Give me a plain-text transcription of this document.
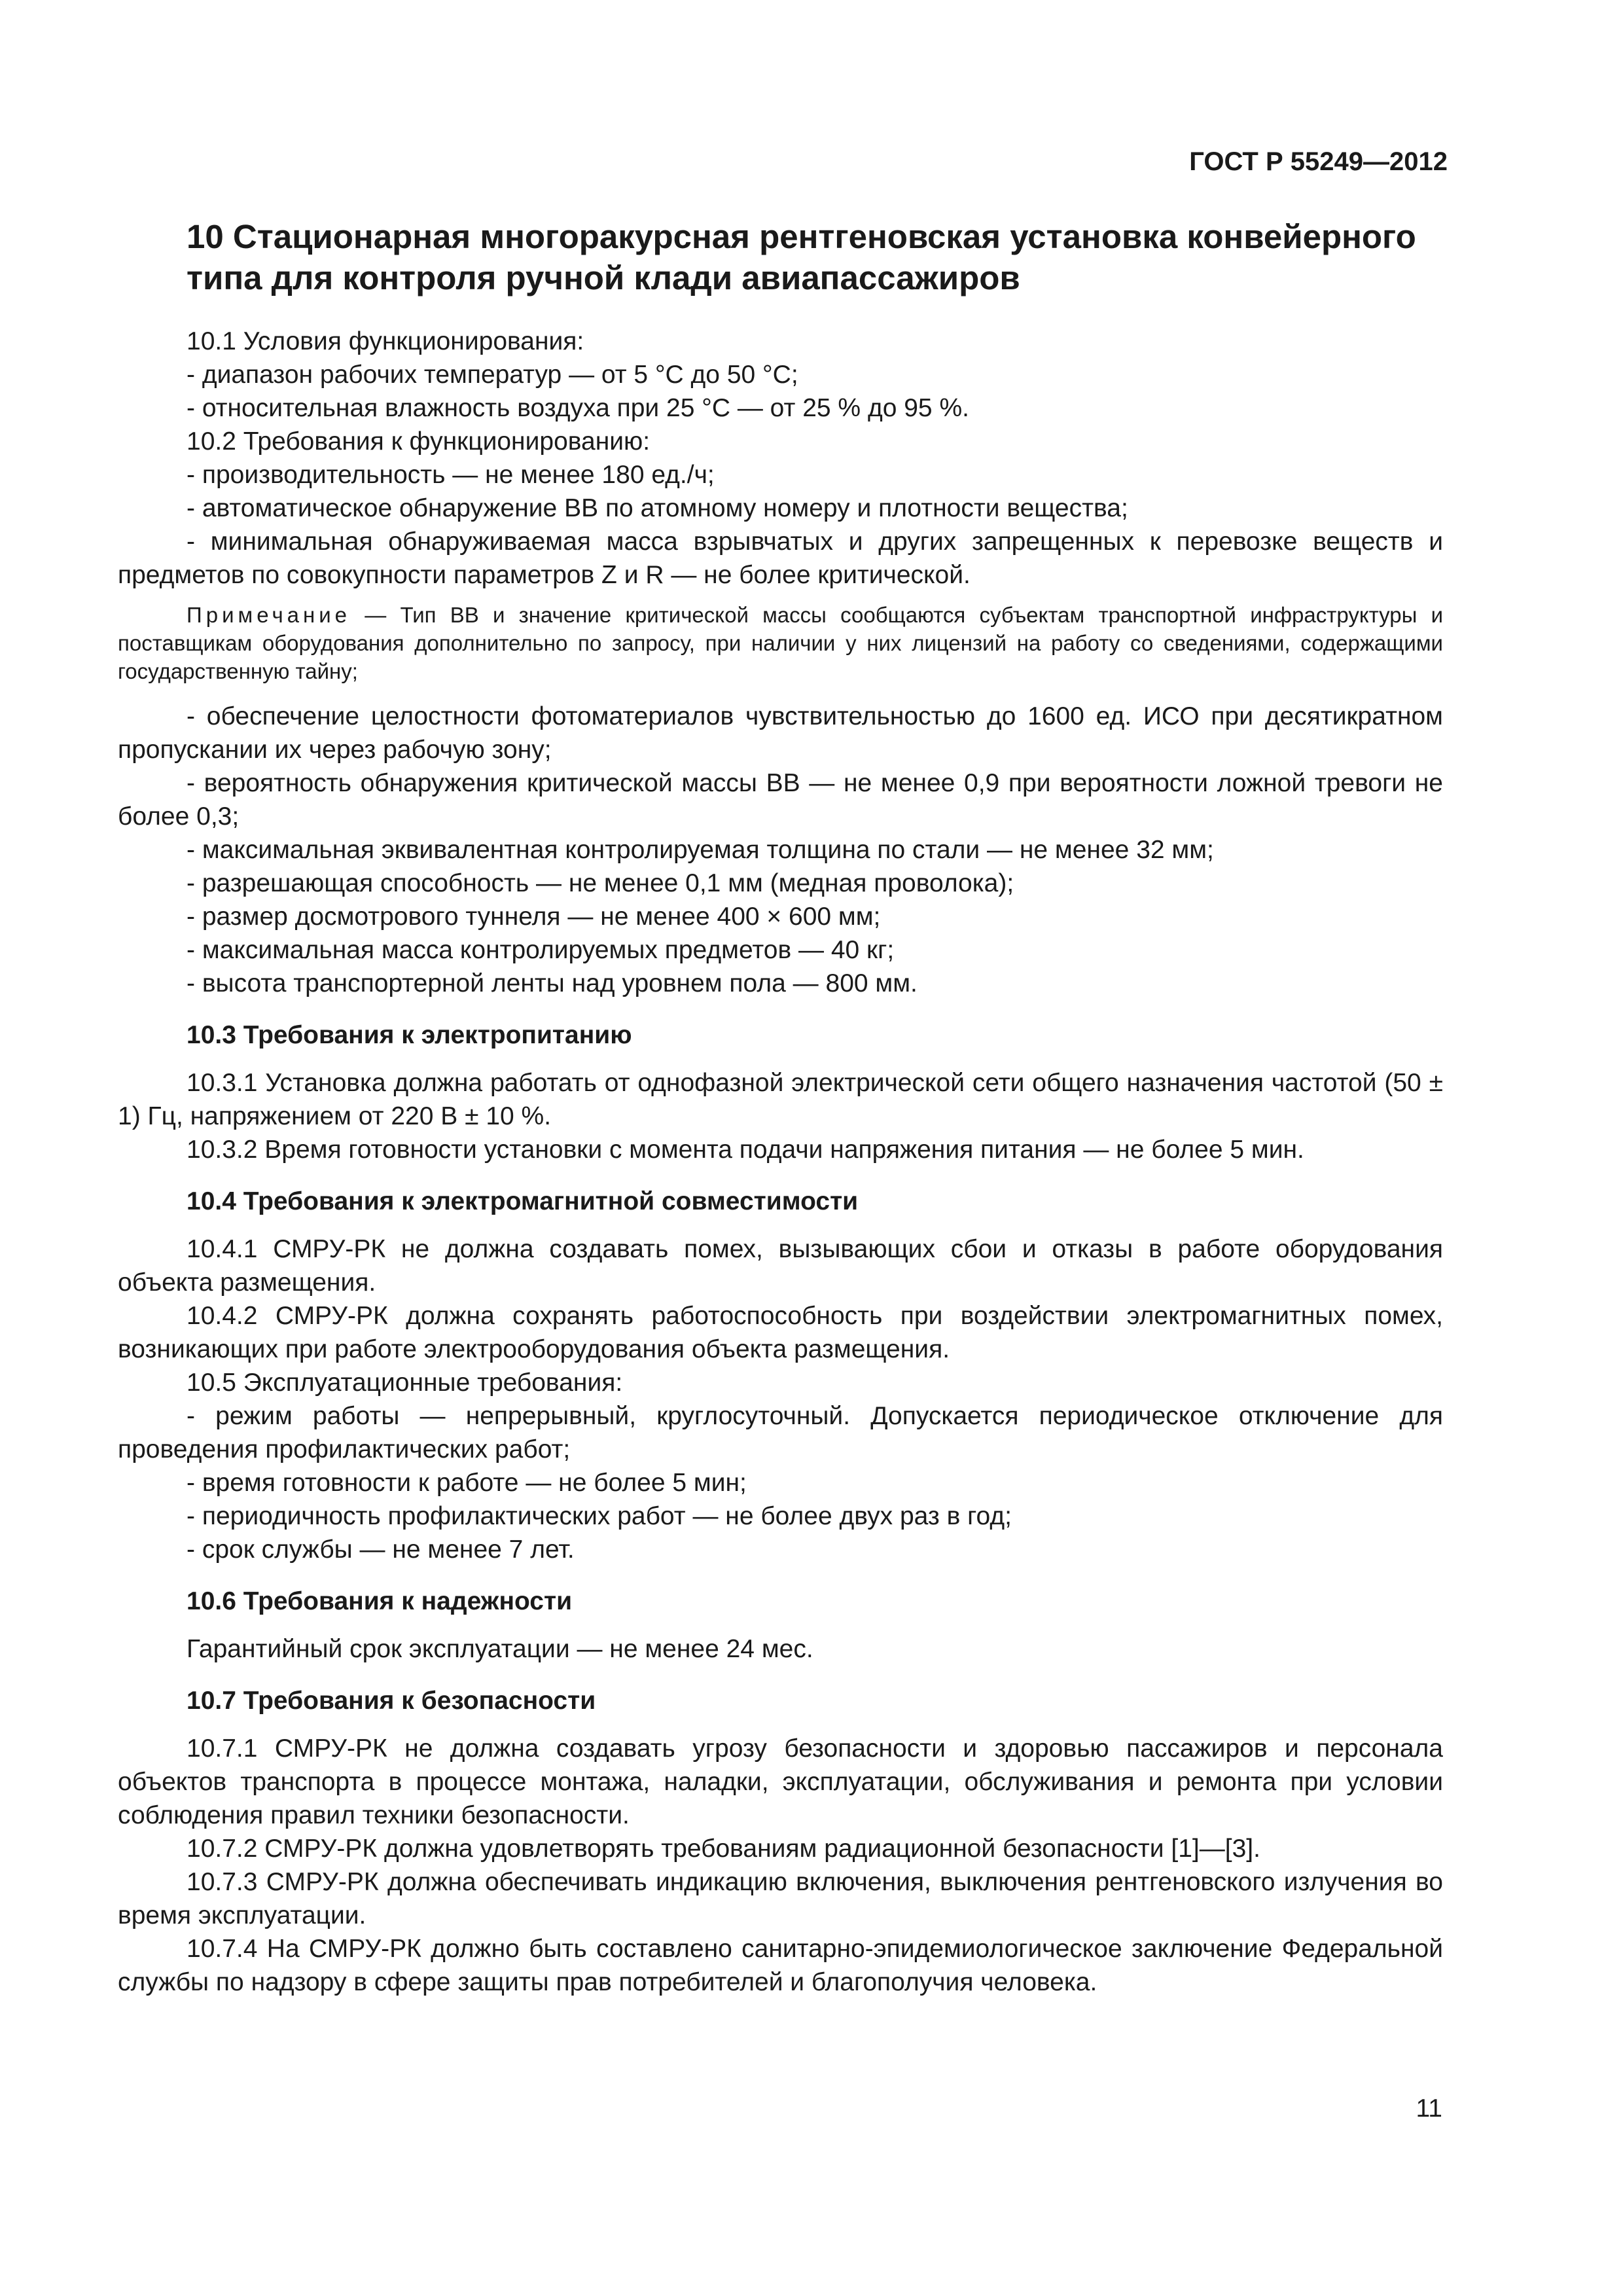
ГОСТ Р 55249—2012
10 Стационарная многоракурсная рентгеновская установка конвейерного типа для контроля ручной клади авиапассажиров

10.1 Условия функционирования:

- диапазон рабочих температур — от 5 °С до 50 °С;

- относительная влажность воздуха при 25 °С — от 25 % до 95 %.

10.2 Требования к функционированию:

- производительность — не менее 180 ед./ч;

- автоматическое обнаружение ВВ по атомному номеру и плотности вещества;

- минимальная обнаруживаемая масса взрывчатых и других запрещенных к перевозке веществ и предметов по совокупности параметров Z и R — не более критической.

Примечание — Тип ВВ и значение критической массы сообщаются субъектам транспортной инфраструктуры и поставщикам оборудования дополнительно по запросу, при наличии у них лицензий на работу со сведениями, содержащими государственную тайну;

- обеспечение целостности фотоматериалов чувствительностью до 1600 ед. ИСО при десятикратном пропускании их через рабочую зону;

- вероятность обнаружения критической массы ВВ — не менее 0,9 при вероятности ложной тревоги не более 0,3;

- максимальная эквивалентная контролируемая толщина по стали — не менее 32 мм;

- разрешающая способность — не менее 0,1 мм (медная проволока);

- размер досмотрового туннеля — не менее 400 × 600 мм;

- максимальная масса контролируемых предметов — 40 кг;

- высота транспортерной ленты над уровнем пола — 800 мм.

10.3 Требования к электропитанию

10.3.1 Установка должна работать от однофазной электрической сети общего назначения частотой (50 ± 1) Гц, напряжением от 220 В ± 10 %.

10.3.2 Время готовности установки с момента подачи напряжения питания — не более 5 мин.

10.4 Требования к электромагнитной совместимости

10.4.1 СМРУ-РК не должна создавать помех, вызывающих сбои и отказы в работе оборудования объекта размещения.

10.4.2 СМРУ-РК должна сохранять работоспособность при воздействии электромагнитных помех, возникающих при работе электрооборудования объекта размещения.

10.5 Эксплуатационные требования:

- режим работы — непрерывный, круглосуточный. Допускается периодическое отключение для проведения профилактических работ;

- время готовности к работе — не более 5 мин;

- периодичность профилактических работ — не более двух раз в год;

- срок службы — не менее 7 лет.

10.6 Требования к надежности

Гарантийный срок эксплуатации — не менее 24 мес.

10.7 Требования к безопасности

10.7.1 СМРУ-РК не должна создавать угрозу безопасности и здоровью пассажиров и персонала объектов транспорта в процессе монтажа, наладки, эксплуатации, обслуживания и ремонта при условии соблюдения правил техники безопасности.

10.7.2 СМРУ-РК должна удовлетворять требованиям радиационной безопасности [1]—[3].

10.7.3 СМРУ-РК должна обеспечивать индикацию включения, выключения рентгеновского излучения во время эксплуатации.

10.7.4 На СМРУ-РК должно быть составлено санитарно-эпидемиологическое заключение Федеральной службы по надзору в сфере защиты прав потребителей и благополучия человека.

11
